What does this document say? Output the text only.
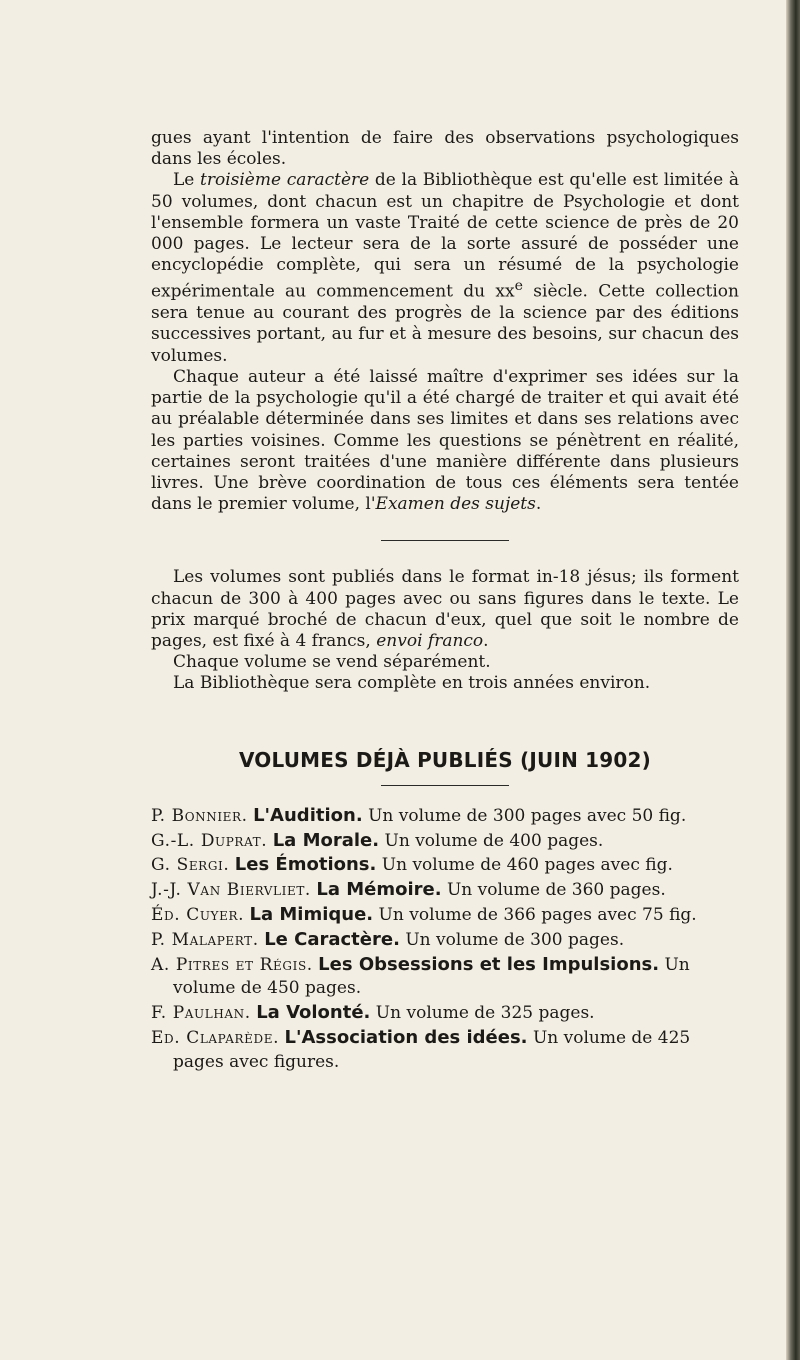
gues ayant l'intention de faire des observations psychologiques dans les écoles.

Le troisième caractère de la Bibliothèque est qu'elle est limitée à 50 volumes, dont chacun est un chapitre de Psychologie et dont l'ensemble formera un vaste Traité de cette science de près de 20 000 pages. Le lecteur sera de la sorte assuré de posséder une encyclopédie complète, qui sera un résumé de la psychologie expérimentale au commencement du $xx^e$ siècle. Cette collection sera tenue au courant des progrès de la science par des éditions successives portant, au fur et à mesure des besoins, sur chacun des volumes.

Chaque auteur a été laissé maître d'exprimer ses idées sur la partie de la psychologie qu'il a été chargé de traiter et qui avait été au préalable déterminée dans ses limites et dans ses relations avec les parties voisines. Comme les questions se pénètrent en réalité, certaines seront traitées d'une manière différente dans plusieurs livres. Une brève coordination de tous ces éléments sera tentée dans le premier volume, l'Examen des sujets.

Les volumes sont publiés dans le format in-18 jésus; ils forment chacun de 300 à 400 pages avec ou sans figures dans le texte. Le prix marqué broché de chacun d'eux, quel que soit le nombre de pages, est fixé à 4 francs, envoi franco.

Chaque volume se vend séparément.

La Bibliothèque sera complète en trois années environ.

VOLUMES DÉJÀ PUBLIÉS (JUIN 1902)

P. Bonnier. L'Audition. Un volume de 300 pages avec 50 fig.

G.-L. Duprat. La Morale. Un volume de 400 pages.

G. Sergi. Les Émotions. Un volume de 460 pages avec fig.

J.-J. Van Biervliet. La Mémoire. Un volume de 360 pages.

Éd. Cuyer. La Mimique. Un volume de 366 pages avec 75 fig.

P. Malapert. Le Caractère. Un volume de 300 pages.

A. Pitres et Régis. Les Obsessions et les Impulsions. Un volume de 450 pages.

F. Paulhan. La Volonté. Un volume de 325 pages.

Ed. Claparède. L'Association des idées. Un volume de 425 pages avec figures.
